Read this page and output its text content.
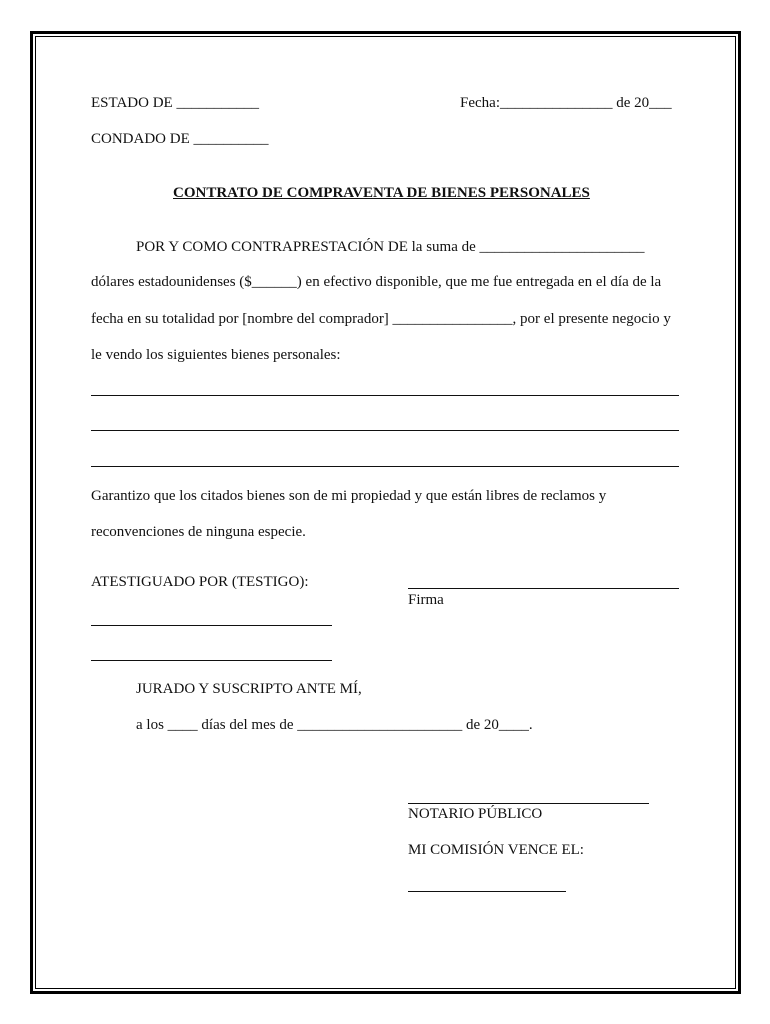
ESTADO DE ___________	Fecha:_______________ de 20___
CONDADO DE __________
CONTRATO DE COMPRAVENTA DE BIENES PERSONALES
POR Y COMO CONTRAPRESTACIÓN DE la suma de ______________________
dólares estadounidenses ($______) en efectivo disponible, que me fue entregada en el día de la
fecha en su totalidad por [nombre del comprador] ________________, por el presente negocio y
le vendo los siguientes bienes personales:
Garantizo que los citados bienes son de mi propiedad y que están libres de reclamos y
reconvenciones de ninguna especie.
ATESTIGUADO POR (TESTIGO):
Firma
JURADO Y SUSCRIPTO ANTE MÍ,
a los ____ días del mes de ______________________ de 20____.
NOTARIO PÚBLICO
MI COMISIÓN VENCE EL:
